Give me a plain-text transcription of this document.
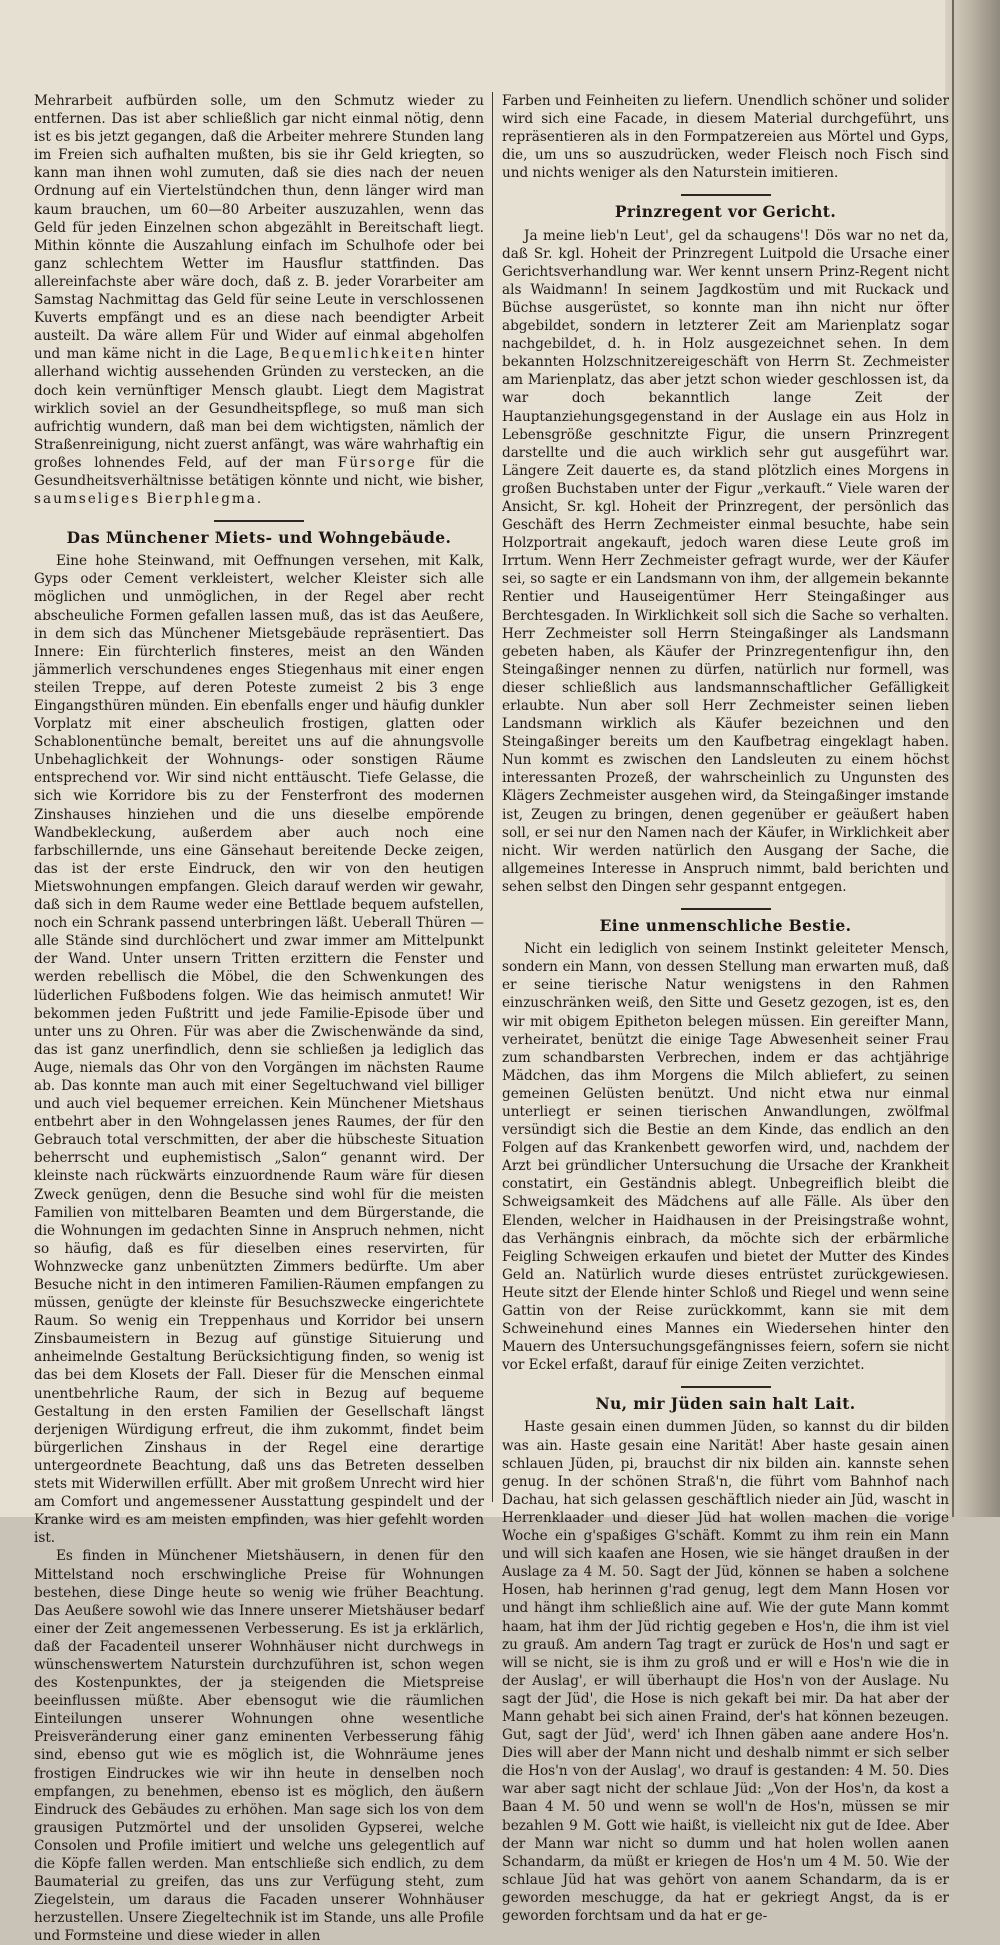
Mehrarbeit aufbürden solle, um den Schmutz wieder zu entfernen. Das ist aber schließlich gar nicht einmal nötig, denn ist es bis jetzt gegangen, daß die Arbeiter mehrere Stunden lang im Freien sich aufhalten mußten, bis sie ihr Geld kriegten, so kann man ihnen wohl zumuten, daß sie dies nach der neuen Ordnung auf ein Viertelstündchen thun, denn länger wird man kaum brauchen, um 60—80 Arbeiter auszuzahlen, wenn das Geld für jeden Einzelnen schon abgezählt in Bereitschaft liegt. Mithin könnte die Auszahlung einfach im Schulhofe oder bei ganz schlechtem Wetter im Hausflur stattfinden. Das allereinfachste aber wäre doch, daß z. B. jeder Vorarbeiter am Samstag Nachmittag das Geld für seine Leute in verschlossenen Kuverts empfängt und es an diese nach beendigter Arbeit austeilt. Da wäre allem Für und Wider auf einmal abgeholfen und man käme nicht in die Lage, Bequemlichkeiten hinter allerhand wichtig aussehenden Gründen zu verstecken, an die doch kein vernünftiger Mensch glaubt. Liegt dem Magistrat wirklich soviel an der Gesundheitspflege, so muß man sich aufrichtig wundern, daß man bei dem wichtigsten, nämlich der Straßenreinigung, nicht zuerst anfängt, was wäre wahrhaftig ein großes lohnendes Feld, auf der man Fürsorge für die Gesundheitsverhältnisse betätigen könnte und nicht, wie bisher, saumseliges Bierphlegma.

Das Münchener Miets- und Wohngebäude.

Eine hohe Steinwand, mit Oeffnungen versehen, mit Kalk, Gyps oder Cement verkleistert, welcher Kleister sich alle möglichen und unmöglichen, in der Regel aber recht abscheuliche Formen gefallen lassen muß, das ist das Aeußere, in dem sich das Münchener Mietsgebäude repräsentiert. Das Innere: Ein fürchterlich finsteres, meist an den Wänden jämmerlich verschundenes enges Stiegenhaus mit einer engen steilen Treppe, auf deren Poteste zumeist 2 bis 3 enge Eingangsthüren münden. Ein ebenfalls enger und häufig dunkler Vorplatz mit einer abscheulich frostigen, glatten oder Schablonentünche bemalt, bereitet uns auf die ahnungsvolle Unbehaglichkeit der Wohnungs- oder sonstigen Räume entsprechend vor. Wir sind nicht enttäuscht. Tiefe Gelasse, die sich wie Korridore bis zu der Fensterfront des modernen Zinshauses hinziehen und die uns dieselbe empörende Wandbekleckung, außerdem aber auch noch eine farbschillernde, uns eine Gänsehaut bereitende Decke zeigen, das ist der erste Eindruck, den wir von den heutigen Mietswohnungen empfangen. Gleich darauf werden wir gewahr, daß sich in dem Raume weder eine Bettlade bequem aufstellen, noch ein Schrank passend unterbringen läßt. Ueberall Thüren — alle Stände sind durchlöchert und zwar immer am Mittelpunkt der Wand. Unter unsern Tritten erzittern die Fenster und werden rebellisch die Möbel, die den Schwenkungen des lüderlichen Fußbodens folgen. Wie das heimisch anmutet! Wir bekommen jeden Fußtritt und jede Familie-Episode über und unter uns zu Ohren. Für was aber die Zwischenwände da sind, das ist ganz unerfindlich, denn sie schließen ja lediglich das Auge, niemals das Ohr von den Vorgängen im nächsten Raume ab. Das konnte man auch mit einer Segeltuchwand viel billiger und auch viel bequemer erreichen. Kein Münchener Mietshaus entbehrt aber in den Wohngelassen jenes Raumes, der für den Gebrauch total verschmitten, der aber die hübschestе Situation beherrscht und euphemistisch „Salon“ genannt wird. Der kleinste nach rückwärts einzuordnende Raum wäre für diesen Zweck genügen, denn die Besuche sind wohl für die meisten Familien von mittelbaren Beamten und dem Bürgerstande, die die Wohnungen im gedachten Sinne in Anspruch nehmen, nicht so häufig, daß es für dieselben eines reservirten, für Wohnzwecke ganz unbenützten Zimmers bedürfte. Um aber Besuche nicht in den intimeren Familien-Räumen empfangen zu müssen, genügte der kleinste für Besuchszwecke eingerichtete Raum. So wenig ein Treppenhaus und Korridor bei unsern Zinsbaumeistern in Bezug auf günstige Situierung und anheimelnde Gestaltung Berücksichtigung finden, so wenig ist das bei dem Klosets der Fall. Dieser für die Menschen einmal unentbehrliche Raum, der sich in Bezug auf bequeme Gestaltung in den ersten Familien der Gesellschaft längst derjenigen Würdigung erfreut, die ihm zukommt, findet beim bürgerlichen Zinshaus in der Regel eine derartige untergeordnete Beachtung, daß uns das Betreten desselben stets mit Widerwillen erfüllt. Aber mit großem Unrecht wird hier am Comfort und angemessener Ausstattung gespindelt und der Kranke wird es am meisten empfinden, was hier gefehlt worden ist.

Es finden in Münchener Mietshäusern, in denen für den Mittelstand noch erschwingliche Preise für Wohnungen bestehen, diese Dinge heute so wenig wie früher Beachtung. Das Aeußere sowohl wie das Innere unserer Mietshäuser bedarf einer der Zeit angemessenen Verbesserung. Es ist ja erklärlich, daß der Facadenteil unserer Wohnhäuser nicht durchwegs in wünschenswertem Naturstein durchzuführen ist, schon wegen des Kostenpunktes, der ja steigenden die Mietspreise beeinflussen müßte. Aber ebensogut wie die räumlichen Einteilungen unserer Wohnungen ohne wesentliche Preisveränderung einer ganz eminenten Verbesserung fähig sind, ebenso gut wie es möglich ist, die Wohnräume jenes frostigen Eindruckes wie wir ihn heute in denselben noch empfangen, zu benehmen, ebenso ist es möglich, den äußern Eindruck des Gebäudes zu erhöhen. Man sage sich los von dem grausigen Putzmörtel und der unsoliden Gypserei, welche Consolen und Profile imitiert und welche uns gelegentlich auf die Köpfe fallen werden. Man entschließe sich endlich, zu dem Baumaterial zu greifen, das uns zur Verfügung steht, zum Ziegelstein, um daraus die Facaden unserer Wohnhäuser herzustellen. Unsere Ziegeltechnik ist im Stande, uns alle Profile und Formsteine und diese wieder in allen

Farben und Feinheiten zu liefern. Unendlich schöner und solider wird sich eine Facade, in diesem Material durchgeführt, uns repräsentieren als in den Formpatzereien aus Mörtel und Gyps, die, um uns so auszudrücken, weder Fleisch noch Fisch sind und nichts weniger als den Naturstein imitieren.

Prinzregent vor Gericht.

Ja meine lieb'n Leut', gel da schaugens'! Dös war no net da, daß Sr. kgl. Hoheit der Prinzregent Luitpold die Ursache einer Gerichtsverhandlung war. Wer kennt unsern Prinz-Regent nicht als Waidmann! In seinem Jagdkostüm und mit Ruckack und Büchse ausgerüstet, so konnte man ihn nicht nur öfter abgebildet, sondern in letzterer Zeit am Marienplatz sogar nachgebildet, d. h. in Holz ausgezeichnet sehen. In dem bekannten Holzschnitzereigeschäft von Herrn St. Zechmeister am Marienplatz, das aber jetzt schon wieder geschlossen ist, da war doch bekanntlich lange Zeit der Hauptanziehungsgegenstand in der Auslage ein aus Holz in Lebensgröße geschnitzte Figur, die unsern Prinzregent darstellte und die auch wirklich sehr gut ausgeführt war. Längere Zeit dauerte es, da stand plötzlich eines Morgens in großen Buchstaben unter der Figur „verkauft.“ Viele waren der Ansicht, Sr. kgl. Hoheit der Prinzregent, der persönlich das Geschäft des Herrn Zechmeister einmal besuchte, habe sein Holzportrait angekauft, jedoch waren diese Leute groß im Irrtum. Wenn Herr Zechmeister gefragt wurde, wer der Käufer sei, so sagte er ein Landsmann von ihm, der allgemein bekannte Rentier und Hauseigentümer Herr Steingaßinger aus Berchtesgaden. In Wirklichkeit soll sich die Sache so verhalten. Herr Zechmeister soll Herrn Steingaßinger als Landsmann gebeten haben, als Käufer der Prinzregentenfigur ihn, den Steingaßinger nennen zu dürfen, natürlich nur formell, was dieser schließlich aus landsmannschaftlicher Gefälligkeit erlaubte. Nun aber soll Herr Zechmeister seinen lieben Landsmann wirklich als Käufer bezeichnen und den Steingaßinger bereits um den Kaufbetrag eingeklagt haben. Nun kommt es zwischen den Landsleuten zu einem höchst interessanten Prozeß, der wahrscheinlich zu Ungunsten des Klägers Zechmeister ausgehen wird, da Steingaßinger imstande ist, Zeugen zu bringen, denen gegenüber er geäußert haben soll, er sei nur den Namen nach der Käufer, in Wirklichkeit aber nicht. Wir werden natürlich den Ausgang der Sache, die allgemeines Interesse in Anspruch nimmt, bald berichten und sehen selbst den Dingen sehr gespannt entgegen.

Eine unmenschliche Bestie.

Nicht ein lediglich von seinem Instinkt geleiteter Mensch, sondern ein Mann, von dessen Stellung man erwarten muß, daß er seine tierische Natur wenigstens in den Rahmen einzuschränken weiß, den Sitte und Gesetz gezogen, ist es, den wir mit obigem Epitheton belegen müssen. Ein gereifter Mann, verheiratet, benützt die einige Tage Abwesenheit seiner Frau zum schandbarsten Verbrechen, indem er das achtjährige Mädchen, das ihm Morgens die Milch abliefert, zu seinen gemeinen Gelüsten benützt. Und nicht etwa nur einmal unterliegt er seinen tierischen Anwandlungen, zwölfmal versündigt sich die Bestie an dem Kinde, das endlich an den Folgen auf das Krankenbett geworfen wird, und, nachdem der Arzt bei gründlicher Untersuchung die Ursache der Krankheit constatirt, ein Geständnis ablegt. Unbegreiflich bleibt die Schweigsamkeit des Mädchens auf alle Fälle. Als über den Elenden, welcher in Haidhausen in der Preisingstraße wohnt, das Verhängnis einbrach, da möchte sich der erbärmliche Feigling Schweigen erkaufen und bietet der Mutter des Kindes Geld an. Natürlich wurde dieses entrüstet zurückgewiesen. Heute sitzt der Elende hinter Schloß und Riegel und wenn seine Gattin von der Reise zurückkommt, kann sie mit dem Schweinehund eines Mannes ein Wiedersehen hinter den Mauern des Untersuchungsgefängnisses feiern, sofern sie nicht vor Eckel erfaßt, darauf für einige Zeiten verzichtet.

Nu, mir Jüden sain halt Lait.

Haste gesain einen dummen Jüden, so kannst du dir bilden was ain. Haste gesain eine Narität! Aber haste gesain ainen schlauen Jüden, pi, brauchst dir nix bilden ain. kannste sehen genug. In der schönen Straß'n, die führt vom Bahnhof nach Dachau, hat sich gelassen geschäftlich nieder ain Jüd, wascht in Herrenklaader und dieser Jüd hat wollen machen die vorige Woche ein g'spaßiges G'schäft. Kommt zu ihm rein ein Mann und will sich kaafen ane Hosen, wie sie hänget draußen in der Auslage za 4 M. 50. Sagt der Jüd, können se haben a solchene Hosen, hab herinnen g'rad genug, legt dem Mann Hosen vor und hängt ihm schließlich aine auf. Wie der gute Mann kommt haam, hat ihm der Jüd richtig gegeben e Hos'n, die ihm ist viel zu grauß. Am andern Tag tragt er zurück de Hos'n und sagt er will se nicht, sie is ihm zu groß und er will e Hos'n wie die in der Auslag', er will überhaupt die Hos'n von der Auslage. Nu sagt der Jüd', die Hose is nich gekaft bei mir. Da hat aber der Mann gehabt bei sich ainen Fraind, der's hat können bezeugen. Gut, sagt der Jüd', werd' ich Ihnen gäben aane andere Hos'n. Dies will aber der Mann nicht und deshalb nimmt er sich selber die Hos'n von der Auslag', wo drauf is gestanden: 4 M. 50. Dies war aber sagt nicht der schlaue Jüd: „Von der Hos'n, da kost a Baan 4 M. 50 und wenn se woll'n de Hos'n, müssen se mir bezahlen 9 M. Gott wie haißt, is vielleicht nix gut de Idee. Aber der Mann war nicht so dumm und hat holen wollen aanen Schandarm, da müßt er kriegen de Hos'n um 4 M. 50. Wie der schlaue Jüd hat was gehört von aanem Schandarm, da is er geworden meschugge, da hat er gekriegt Angst, da is er geworden forchtsam und da hat er ge-
